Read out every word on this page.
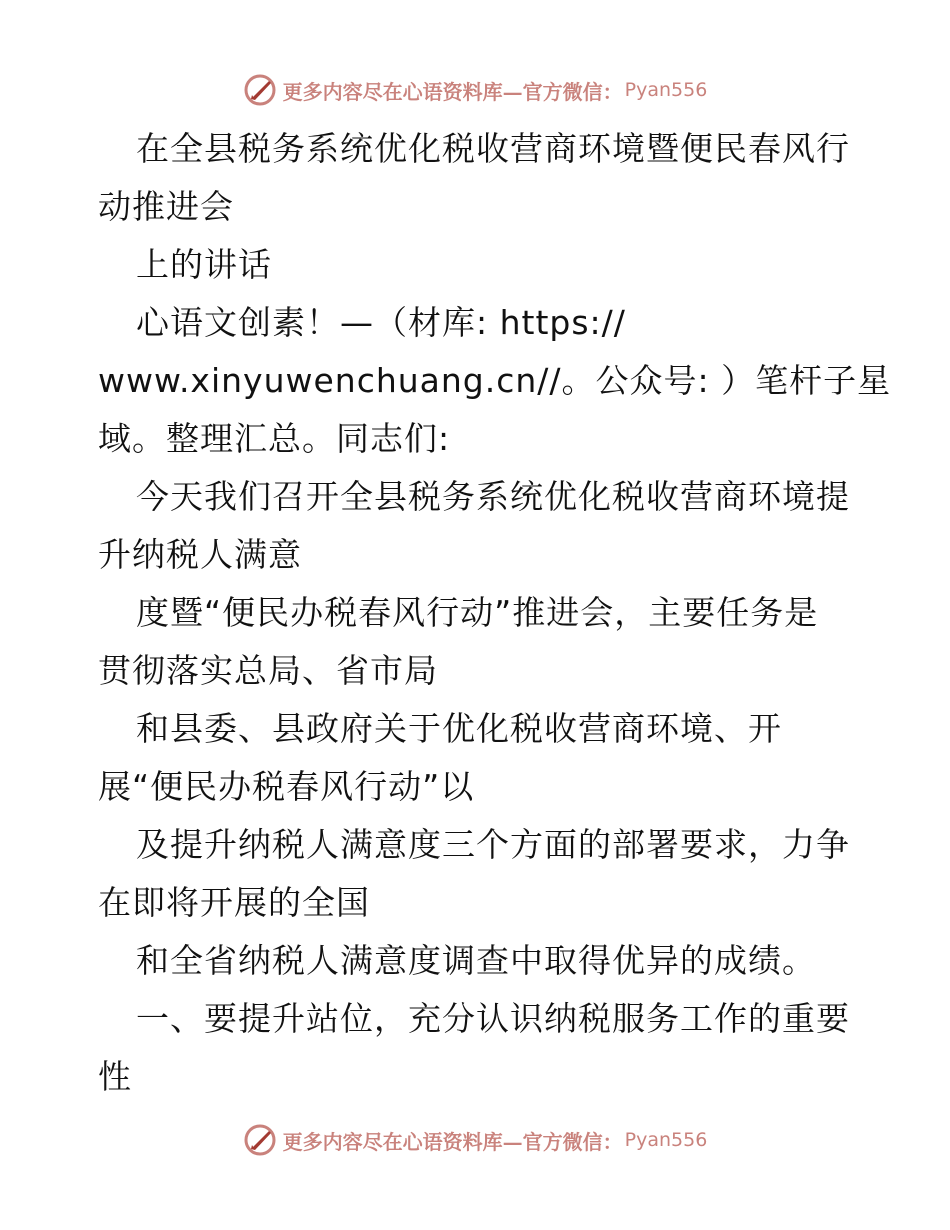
更多内容尽在心语资料库—官方微信： Pyan556
在全县税务系统优化税收营商环境暨便民春风行
动推进会
上的讲话
心语文创素！—（材库: https://
www.xinyuwenchuang.cn//。公众号: ）笔杆子星
域。整理汇总。同志们:
今天我们召开全县税务系统优化税收营商环境提
升纳税人满意
度暨“便民办税春风行动”推进会，主要任务是
贯彻落实总局、省市局
和县委、县政府关于优化税收营商环境、开
展“便民办税春风行动”以
及提升纳税人满意度三个方面的部署要求，力争
在即将开展的全国
和全省纳税人满意度调查中取得优异的成绩。
一、要提升站位，充分认识纳税服务工作的重要
性
更多内容尽在心语资料库—官方微信： Pyan556
